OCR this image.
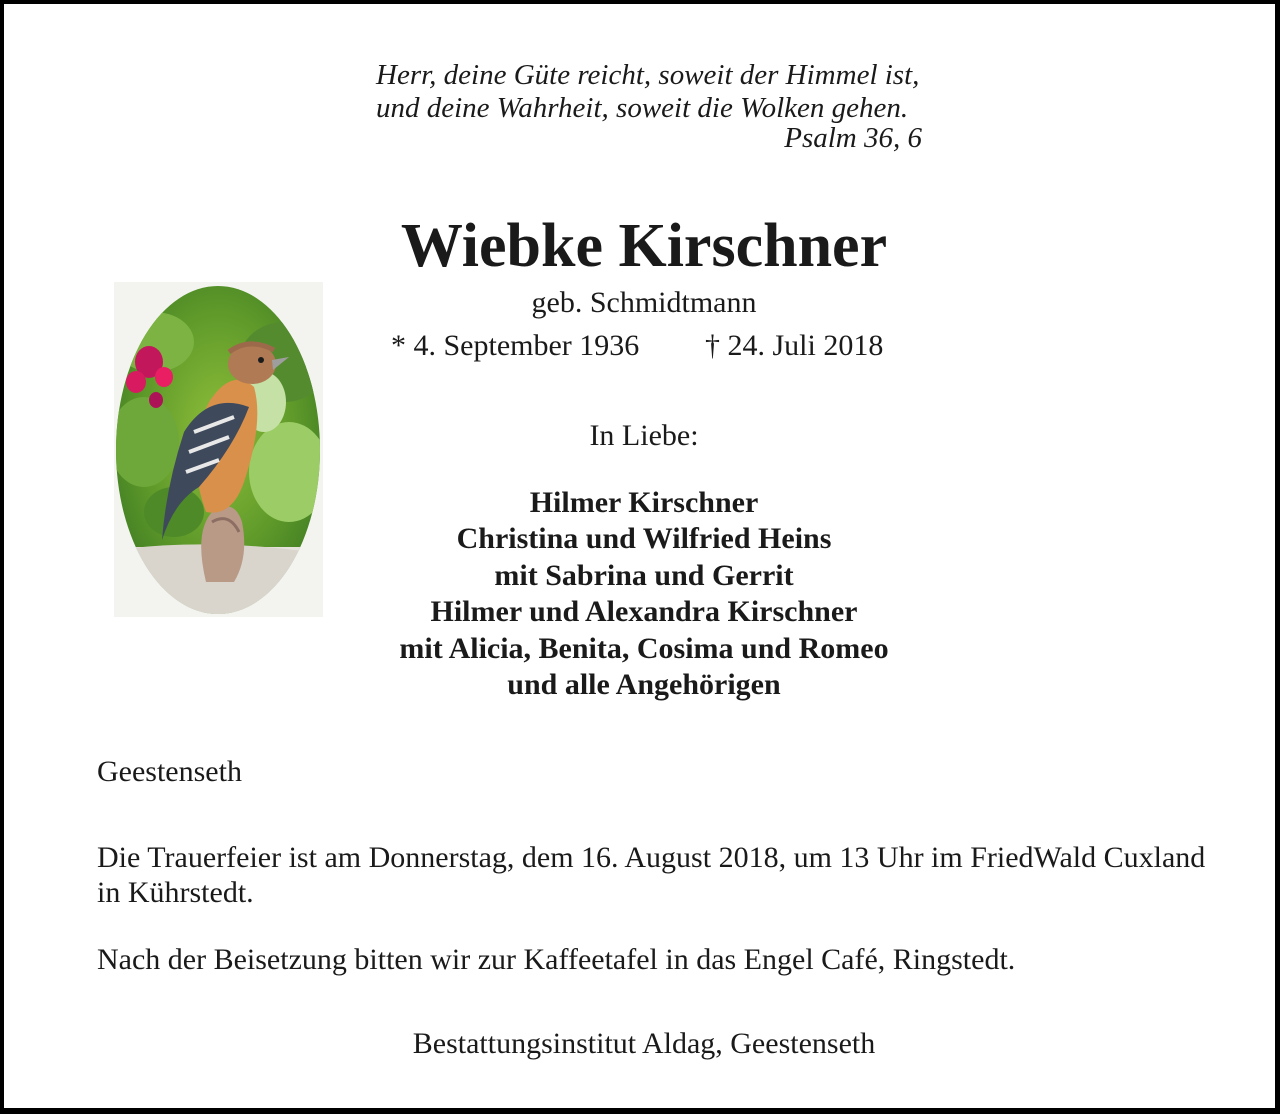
Herr, deine Güte reicht, soweit der Himmel ist,
und deine Wahrheit, soweit die Wolken gehen.
Psalm 36, 6
Wiebke Kirschner
geb. Schmidtmann
* 4. September 1936 † 24. Juli 2018
In Liebe:
Hilmer Kirschner
Christina und Wilfried Heins
mit Sabrina und Gerrit
Hilmer und Alexandra Kirschner
mit Alicia, Benita, Cosima und Romeo
und alle Angehörigen
Geestenseth
Die Trauerfeier ist am Donnerstag, dem 16. August 2018, um 13 Uhr im FriedWald Cuxland in Kührstedt.
Nach der Beisetzung bitten wir zur Kaffeetafel in das Engel Café, Ringstedt.
Bestattungsinstitut Aldag, Geestenseth
